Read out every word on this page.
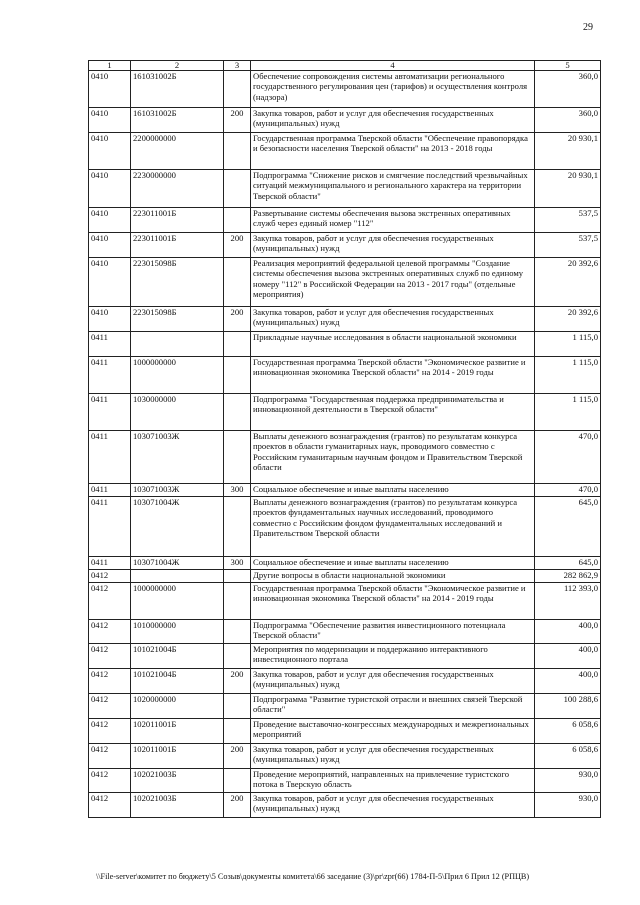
29
1	2	3	4	5
0410	161031002Б		Обеспечение сопровождения системы автоматизации регионального государственного регулирования цен (тарифов) и осуществления контроля (надзора)	360,0
0410	161031002Б	200	Закупка товаров, работ и услуг для обеспечения государственных (муниципальных) нужд	360,0
0410	2200000000		Государственная программа Тверской области "Обеспечение правопорядка и безопасности населения Тверской области" на 2013 - 2018 годы	20 930,1
0410	2230000000		Подпрограмма "Снижение рисков и смягчение последствий чрезвычайных ситуаций межмуниципального и регионального характера на территории Тверской области"	20 930,1
0410	223011001Б		Развертывание системы обеспечения вызова экстренных оперативных служб через единый номер "112"	537,5
0410	223011001Б	200	Закупка товаров, работ и услуг для обеспечения государственных (муниципальных) нужд	537,5
0410	223015098Б		Реализация мероприятий федеральной целевой программы "Создание системы обеспечения вызова экстренных оперативных служб по единому номеру "112" в Российской Федерации на 2013 - 2017 годы" (отдельные мероприятия)	20 392,6
0410	223015098Б	200	Закупка товаров, работ и услуг для обеспечения государственных (муниципальных) нужд	20 392,6
0411			Прикладные научные исследования в области национальной экономики	1 115,0
0411	1000000000		Государственная программа Тверской области "Экономическое развитие и инновационная экономика Тверской области" на 2014 - 2019 годы	1 115,0
0411	1030000000		Подпрограмма "Государственная поддержка предпринимательства и инновационной деятельности в Тверской области"	1 115,0
0411	103071003Ж		Выплаты денежного вознаграждения (грантов) по результатам конкурса проектов в области гуманитарных наук, проводимого совместно с Российским гуманитарным научным фондом и Правительством Тверской области	470,0
0411	103071003Ж	300	Социальное обеспечение и иные выплаты населению	470,0
0411	103071004Ж		Выплаты денежного вознаграждения (грантов) по результатам конкурса проектов фундаментальных научных исследований, проводимого совместно с Российским фондом фундаментальных исследований и Правительством Тверской области	645,0
0411	103071004Ж	300	Социальное обеспечение и иные выплаты населению	645,0
0412			Другие вопросы в области национальной экономики	282 862,9
0412	1000000000		Государственная программа Тверской области "Экономическое развитие и инновационная экономика Тверской области" на 2014 - 2019 годы	112 393,0
0412	1010000000		Подпрограмма "Обеспечение развития инвестиционного потенциала Тверской области"	400,0
0412	101021004Б		Мероприятия по модернизации и поддержанию интерактивного инвестиционного портала	400,0
0412	101021004Б	200	Закупка товаров, работ и услуг для обеспечения государственных (муниципальных) нужд	400,0
0412	1020000000		Подпрограмма "Развитие туристской отрасли и внешних связей Тверской области"	100 288,6
0412	102011001Б		Проведение выставочно-конгрессных международных и межрегиональных мероприятий	6 058,6
0412	102011001Б	200	Закупка товаров, работ и услуг для обеспечения государственных (муниципальных) нужд	6 058,6
0412	102021003Б		Проведение мероприятий, направленных на привлечение туристского потока в Тверскую область	930,0
0412	102021003Б	200	Закупка товаров, работ и услуг для обеспечения государственных (муниципальных) нужд	930,0
\\File-server\комитет по бюджету\5 Созыв\документы комитета\66 заседание (3)\pr\zpr(66) 1784-П-5\Прил 6 Прил 12 (РПЦВ)
